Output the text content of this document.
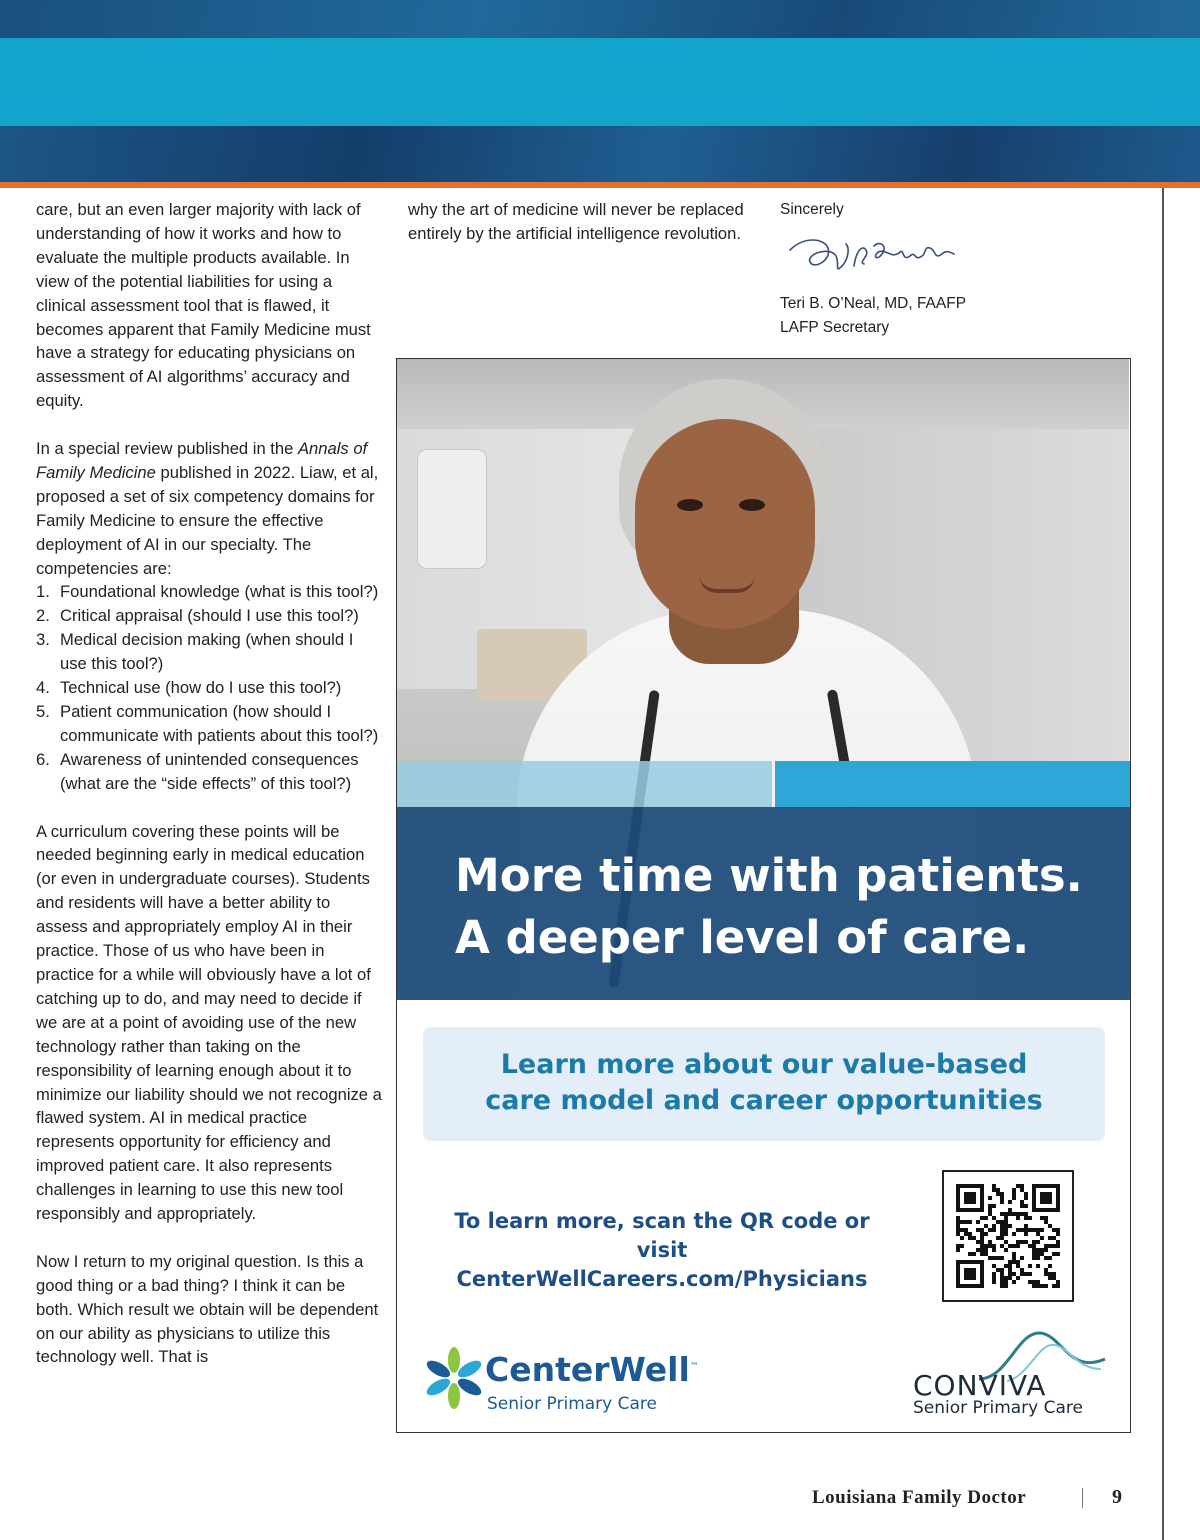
care, but an even larger majority with lack of understanding of how it works and how to evaluate the multiple products available. In view of the potential liabilities for using a clinical assessment tool that is flawed, it becomes apparent that Family Medicine must have a strategy for educating physicians on assessment of AI algorithms’ accuracy and equity.

In a special review published in the Annals of Family Medicine published in 2022. Liaw, et al, proposed a set of six competency domains for Family Medicine to ensure the effective deployment of AI in our specialty. The competencies are:

1. Foundational knowledge (what is this tool?)
2. Critical appraisal (should I use this tool?)
3. Medical decision making (when should I use this tool?)
4. Technical use (how do I use this tool?)
5. Patient communication (how should I communicate with patients about this tool?)
6. Awareness of unintended consequences (what are the “side effects” of this tool?)

A curriculum covering these points will be needed beginning early in medical education (or even in undergraduate courses). Students and residents will have a better ability to assess and appropriately employ AI in their practice. Those of us who have been in practice for a while will obviously have a lot of catching up to do, and may need to decide if we are at a point of avoiding use of the new technology rather than taking on the responsibility of learning enough about it to minimize our liability should we not recognize a flawed system. AI in medical practice represents opportunity for efficiency and improved patient care. It also represents challenges in learning to use this new tool responsibly and appropriately.

Now I return to my original question. Is this a good thing or a bad thing? I think it can be both. Which result we obtain will be dependent on our ability as physicians to utilize this technology well. That is

why the art of medicine will never be replaced entirely by the artificial intelligence revolution.

Sincerely
Teri B. O’Neal, MD, FAAFP
LAFP Secretary
More time with patients.
A deeper level of care.
Learn more about our value-based
care model and career opportunities
To learn more, scan the QR code or visit
CenterWellCareers.com/Physicians
CenterWell™
Senior Primary Care
CONVIVA
Senior Primary Care
Louisiana Family Doctor	9
